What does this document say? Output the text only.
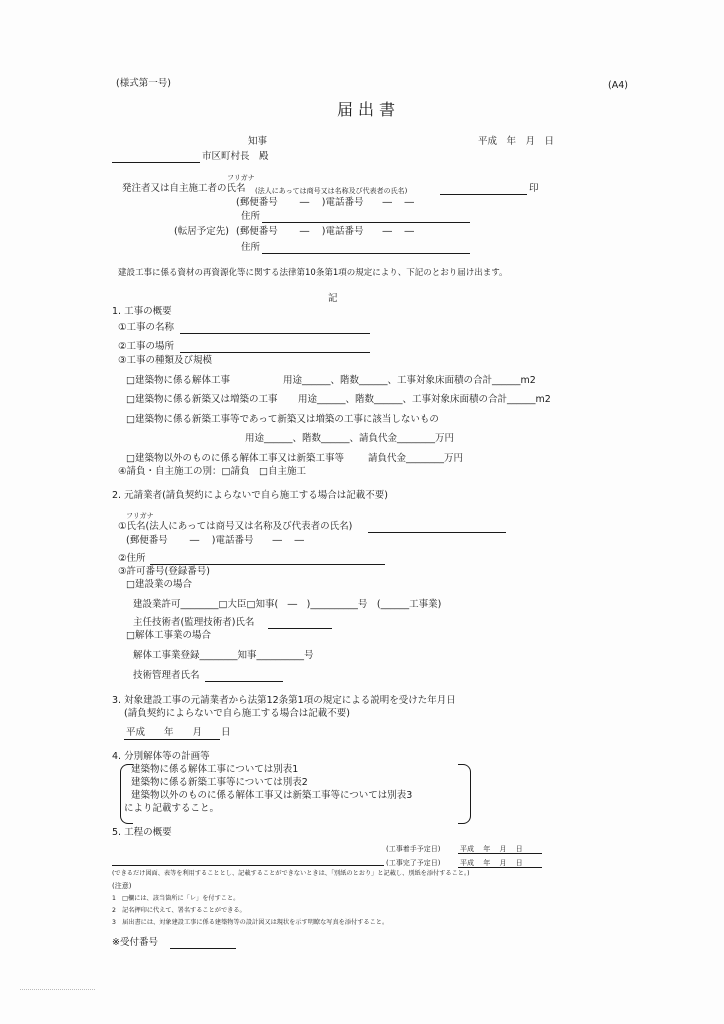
(様式第一号)	(A4)
届出書
知事	平成　年　月　日
市区町村長　殿
フリガナ
発注者又は自主施工者の氏名 (法人にあっては商号又は名称及び代表者の氏名)	印
(郵便番号　　 ―　 )電話番号　　―　 ―
住所
(転居予定先) (郵便番号　　 ―　 )電話番号　　―　 ―
住所
建設工事に係る資材の再資源化等に関する法律第10条第1項の規定により、下記のとおり届け出ます。
記
1. 工事の概要
①工事の名称
②工事の場所
③工事の種類及び規模
□建築物に係る解体工事	用途______、階数______、工事対象床面積の合計______m2
□建築物に係る新築又は増築の工事 用途______、階数______、工事対象床面積の合計______m2
□建築物に係る新築工事等であって新築又は増築の工事に該当しないもの
用途______、階数______、請負代金________万円
□建築物以外のものに係る解体工事又は新築工事等	請負代金________万円
④請負・自主施工の別：□請負　□自主施工
2. 元請業者(請負契約によらないで自ら施工する場合は記載不要)
フリガナ
①氏名(法人にあっては商号又は名称及び代表者の氏名)
(郵便番号　　 ―　 )電話番号　　―　 ―
②住所
③許可番号(登録番号)
□建設業の場合
建設業許可________□大臣□知事(　―　)__________号　(______工事業)
主任技術者(監理技術者)氏名
□解体工事業の場合
解体工事業登録________知事__________号
技術管理者氏名
3. 対象建設工事の元請業者から法第12条第1項の規定による説明を受けた年月日
(請負契約によらないで自ら施工する場合は記載不要)
平成　　年　　月　　日
4. 分別解体等の計画等
建築物に係る解体工事については別表1
建築物に係る新築工事等については別表2
建築物以外のものに係る解体工事又は新築工事等については別表3
により記載すること。
5. 工程の概要
(工事着手予定日)	平成　 年　 月　 日
(工事完了予定日)	平成　 年　 月　 日
(できるだけ図面、表等を利用することとし、記載することができないときは、「別紙のとおり」と記載し、別紙を添付すること。)
(注意)
1　□欄には、該当箇所に「レ」を付すこと。
2　記名押印に代えて、署名することができる。
3　届出書には、対象建設工事に係る建築物等の設計図又は現状を示す明瞭な写真を添付すること。
※受付番号
